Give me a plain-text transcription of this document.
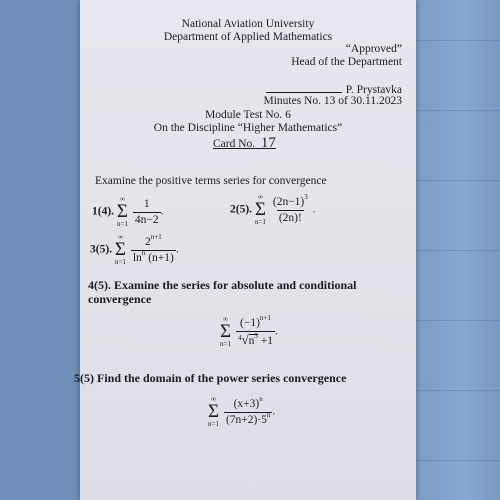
National Aviation University
Department of Applied Mathematics
“Approved”
Head of the Department
P. Prystavka
Minutes No. 13 of 30.11.2023
Module Test No. 6
On the Discipline “Higher Mathematics”
Card No. 17
Examine the positive terms series for convergence
1(4).
∞
Σ
n=1
$\frac{1}{4n-2}$ .	2(5).
∞
Σ
n=1
$\frac{(2n-1)^3}{(2n)!}$ .
3(5).
∞
Σ
n=1
$\frac{2^{n+1}}{\ln^n (n+1)}$ .
4(5). Examine the series for absolute and conditional
convergence
∞
Σ
n=1
$\frac{(-1)^{n+1}}{^4√n^3 +1}$ .
5(5) Find the domain of the power series convergence
∞
Σ
n=1
$\frac{(x+3)^n}{(7n+2)\cdot 5^n}$ .
